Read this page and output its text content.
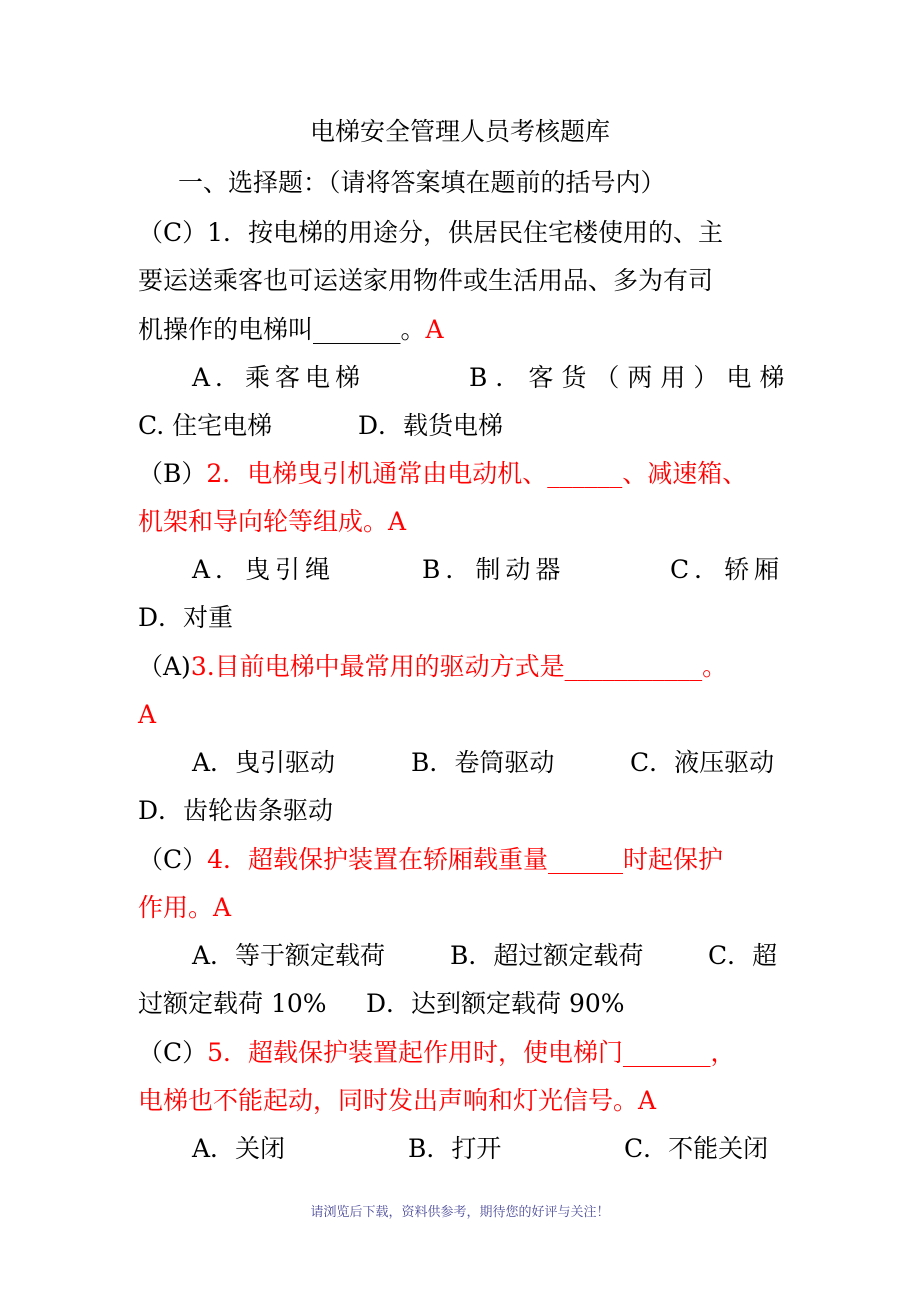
电梯安全管理人员考核题库
一、选择题：（请将答案填在题前的括号内）
（C）1．按电梯的用途分，供居民住宅楼使用的、主
要运送乘客也可运送家用物件或生活用品、多为有司
机操作的电梯叫_______。A
A．乘客电梯	B．客货（两用）电梯
C. 住宅电梯	D．载货电梯
（B）2．电梯曳引机通常由电动机、______、减速箱、
机架和导向轮等组成。A
A．曳引绳	B．制动器	C．轿厢
D．对重
（A)3.目前电梯中最常用的驱动方式是___________。
A
A．曳引驱动	B．卷筒驱动	C．液压驱动
D．齿轮齿条驱动
（C）4．超载保护装置在轿厢载重量______时起保护
作用。A
A．等于额定载荷	B．超过额定载荷	C．超
过额定载荷 10% D．达到额定载荷 90%
（C）5．超载保护装置起作用时，使电梯门_______，
电梯也不能起动，同时发出声响和灯光信号。A
A．关闭	B．打开	C．不能关闭
请浏览后下载，资料供参考，期待您的好评与关注！
